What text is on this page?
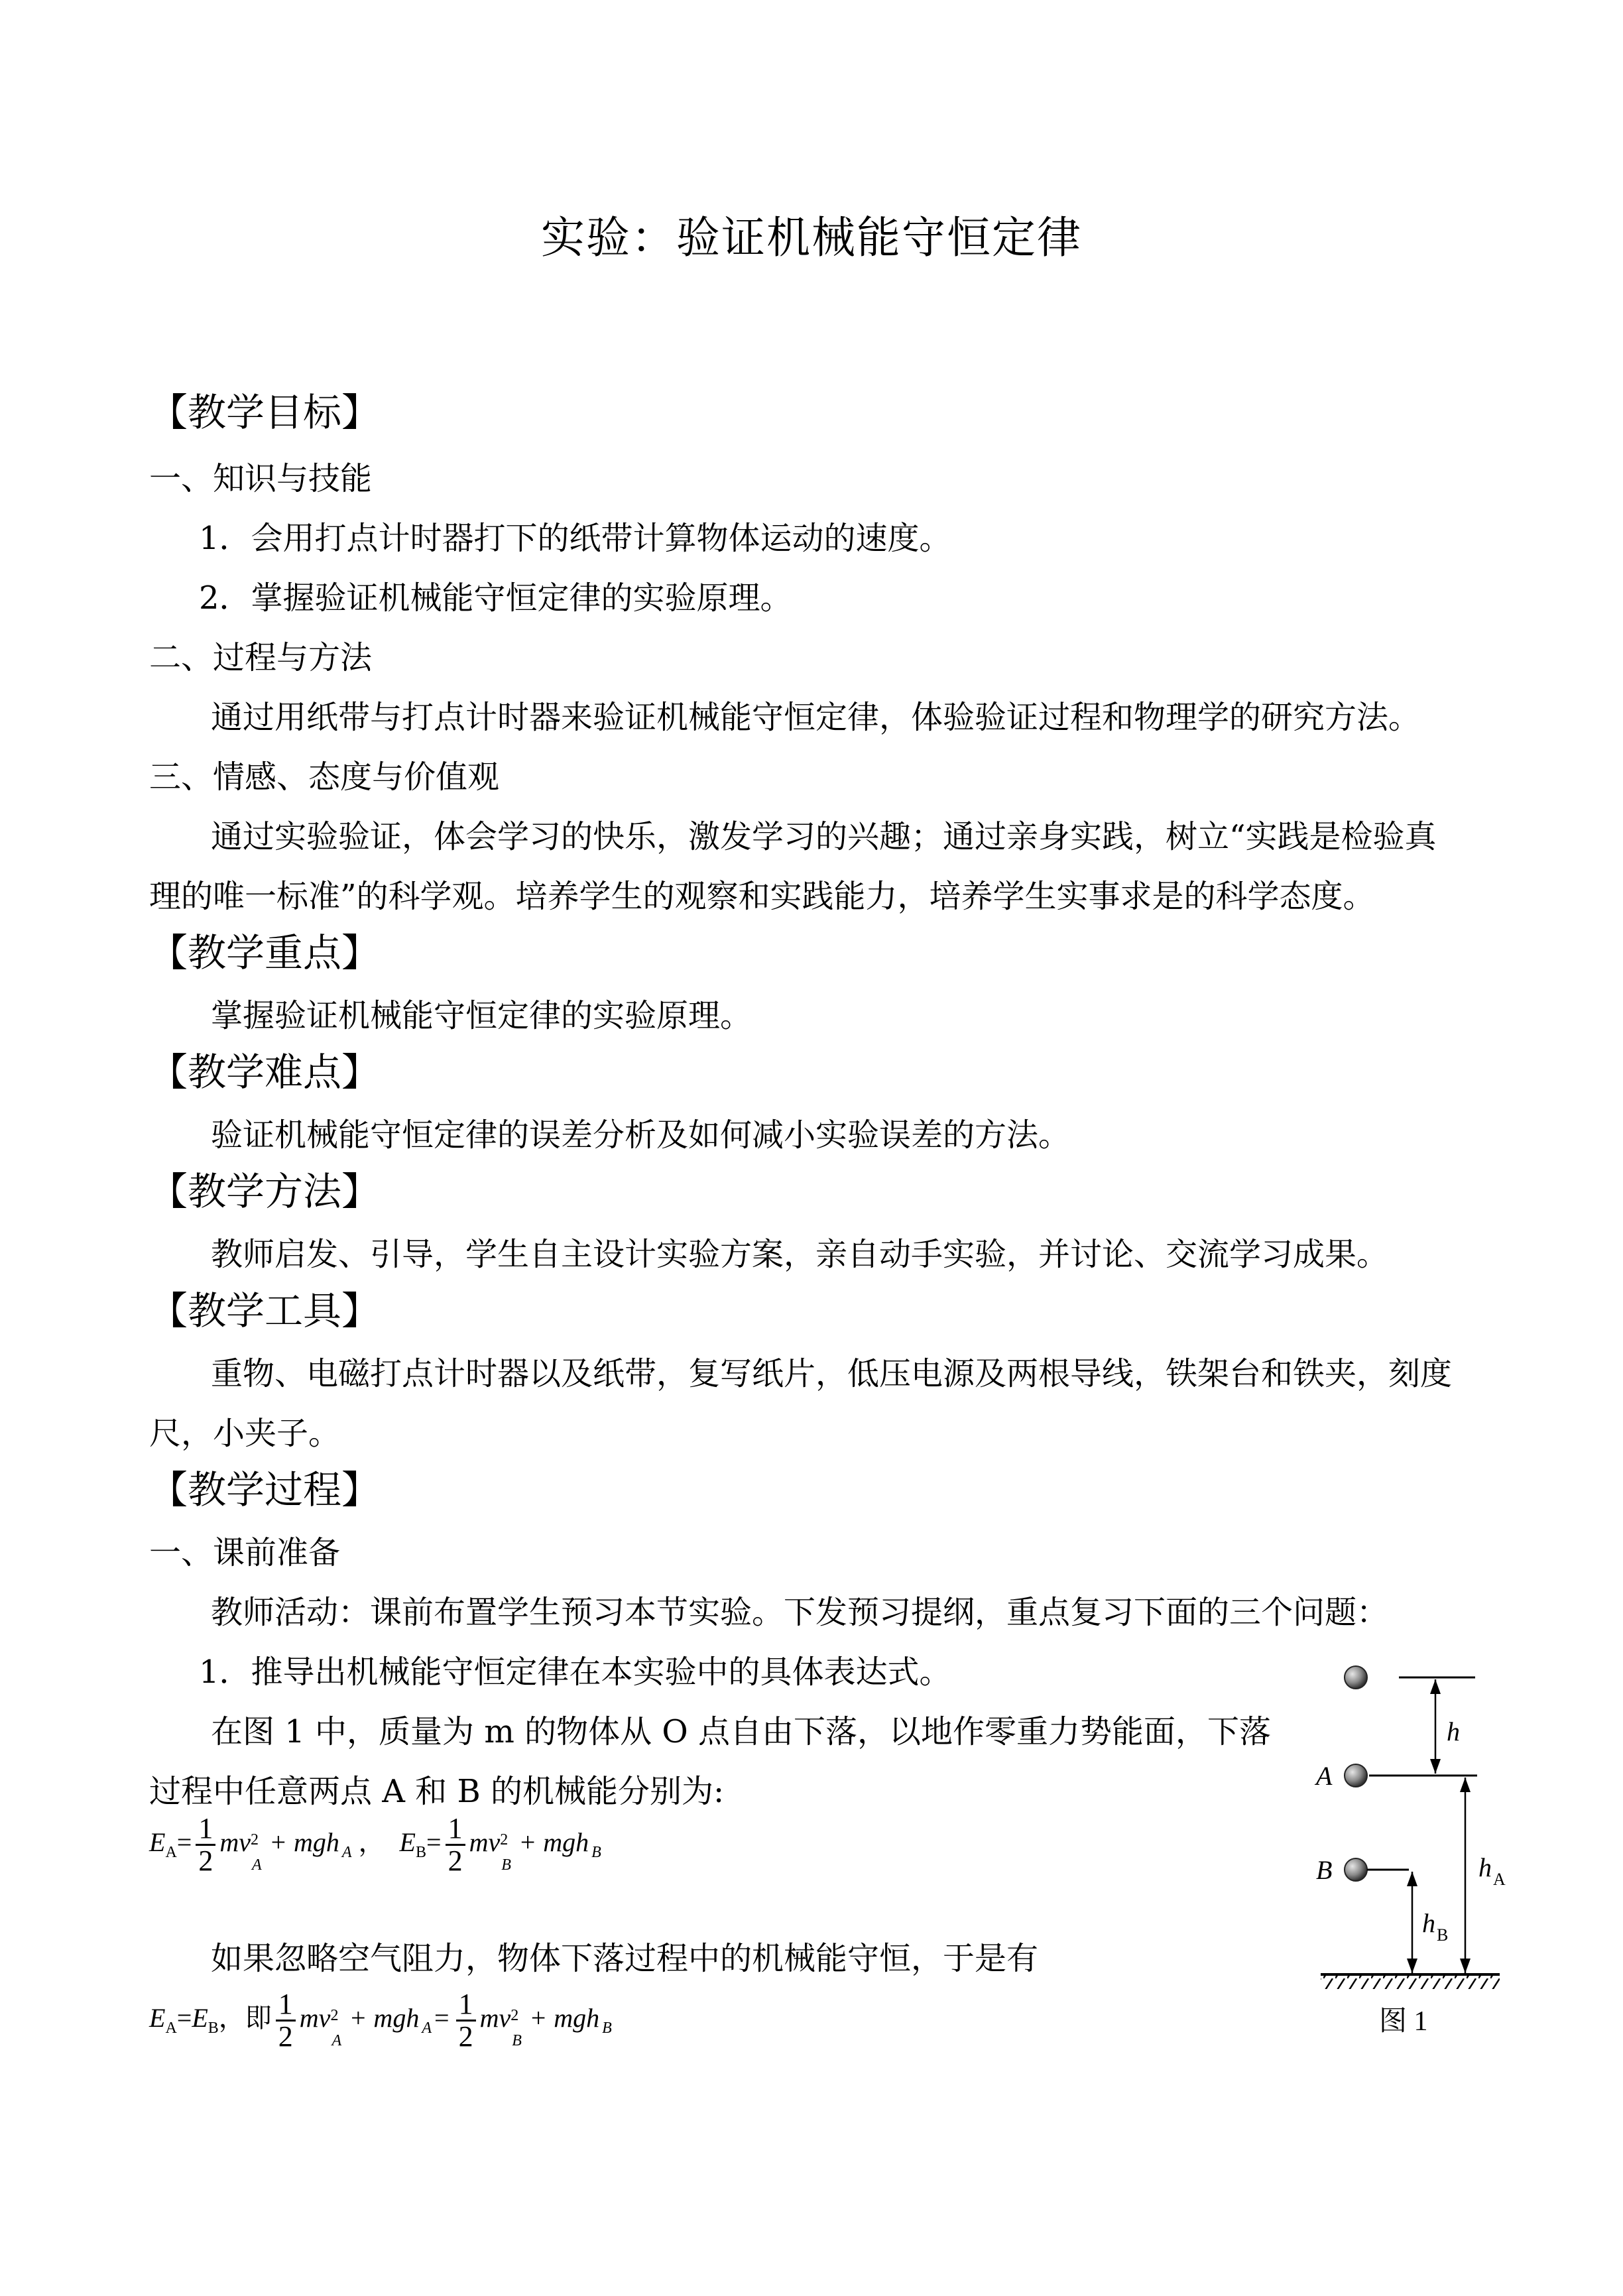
实验：验证机械能守恒定律
【教学目标】
一、知识与技能
1．会用打点计时器打下的纸带计算物体运动的速度。
2．掌握验证机械能守恒定律的实验原理。
二、过程与方法
通过用纸带与打点计时器来验证机械能守恒定律，体验验证过程和物理学的研究方法。
三、情感、态度与价值观
通过实验验证，体会学习的快乐，激发学习的兴趣；通过亲身实践，树立“实践是检验真
理的唯一标准”的科学观。培养学生的观察和实践能力，培养学生实事求是的科学态度。
【教学重点】
掌握验证机械能守恒定律的实验原理。
【教学难点】
验证机械能守恒定律的误差分析及如何减小实验误差的方法。
【教学方法】
教师启发、引导，学生自主设计实验方案，亲自动手实验，并讨论、交流学习成果。
【教学工具】
重物、电磁打点计时器以及纸带，复写纸片，低压电源及两根导线，铁架台和铁夹，刻度
尺，小夹子。
【教学过程】
一、课前准备
教师活动：课前布置学生预习本节实验。下发预习提纲，重点复习下面的三个问题：
1．推导出机械能守恒定律在本实验中的具体表达式。
在图 1 中，质量为 m 的物体从 O 点自由下落，以地作零重力势能面，下落
过程中任意两点 A 和 B 的机械能分别为:
$E_A= \frac{1}{2}$ mv 2
A
+ mgh $_A$ ， $E_B= \frac{1}{2}$ mv 2
B
+ mgh $_B$
如果忽略空气阻力，物体下落过程中的机械能守恒，于是有
$E_A=E_B$，即 $\frac{1}{2}$ mv 2
A
+ mgh $_A = \frac{1}{2}$ mv 2
B
+ mgh $_B$
h
A
B	h A
h B
图 1
